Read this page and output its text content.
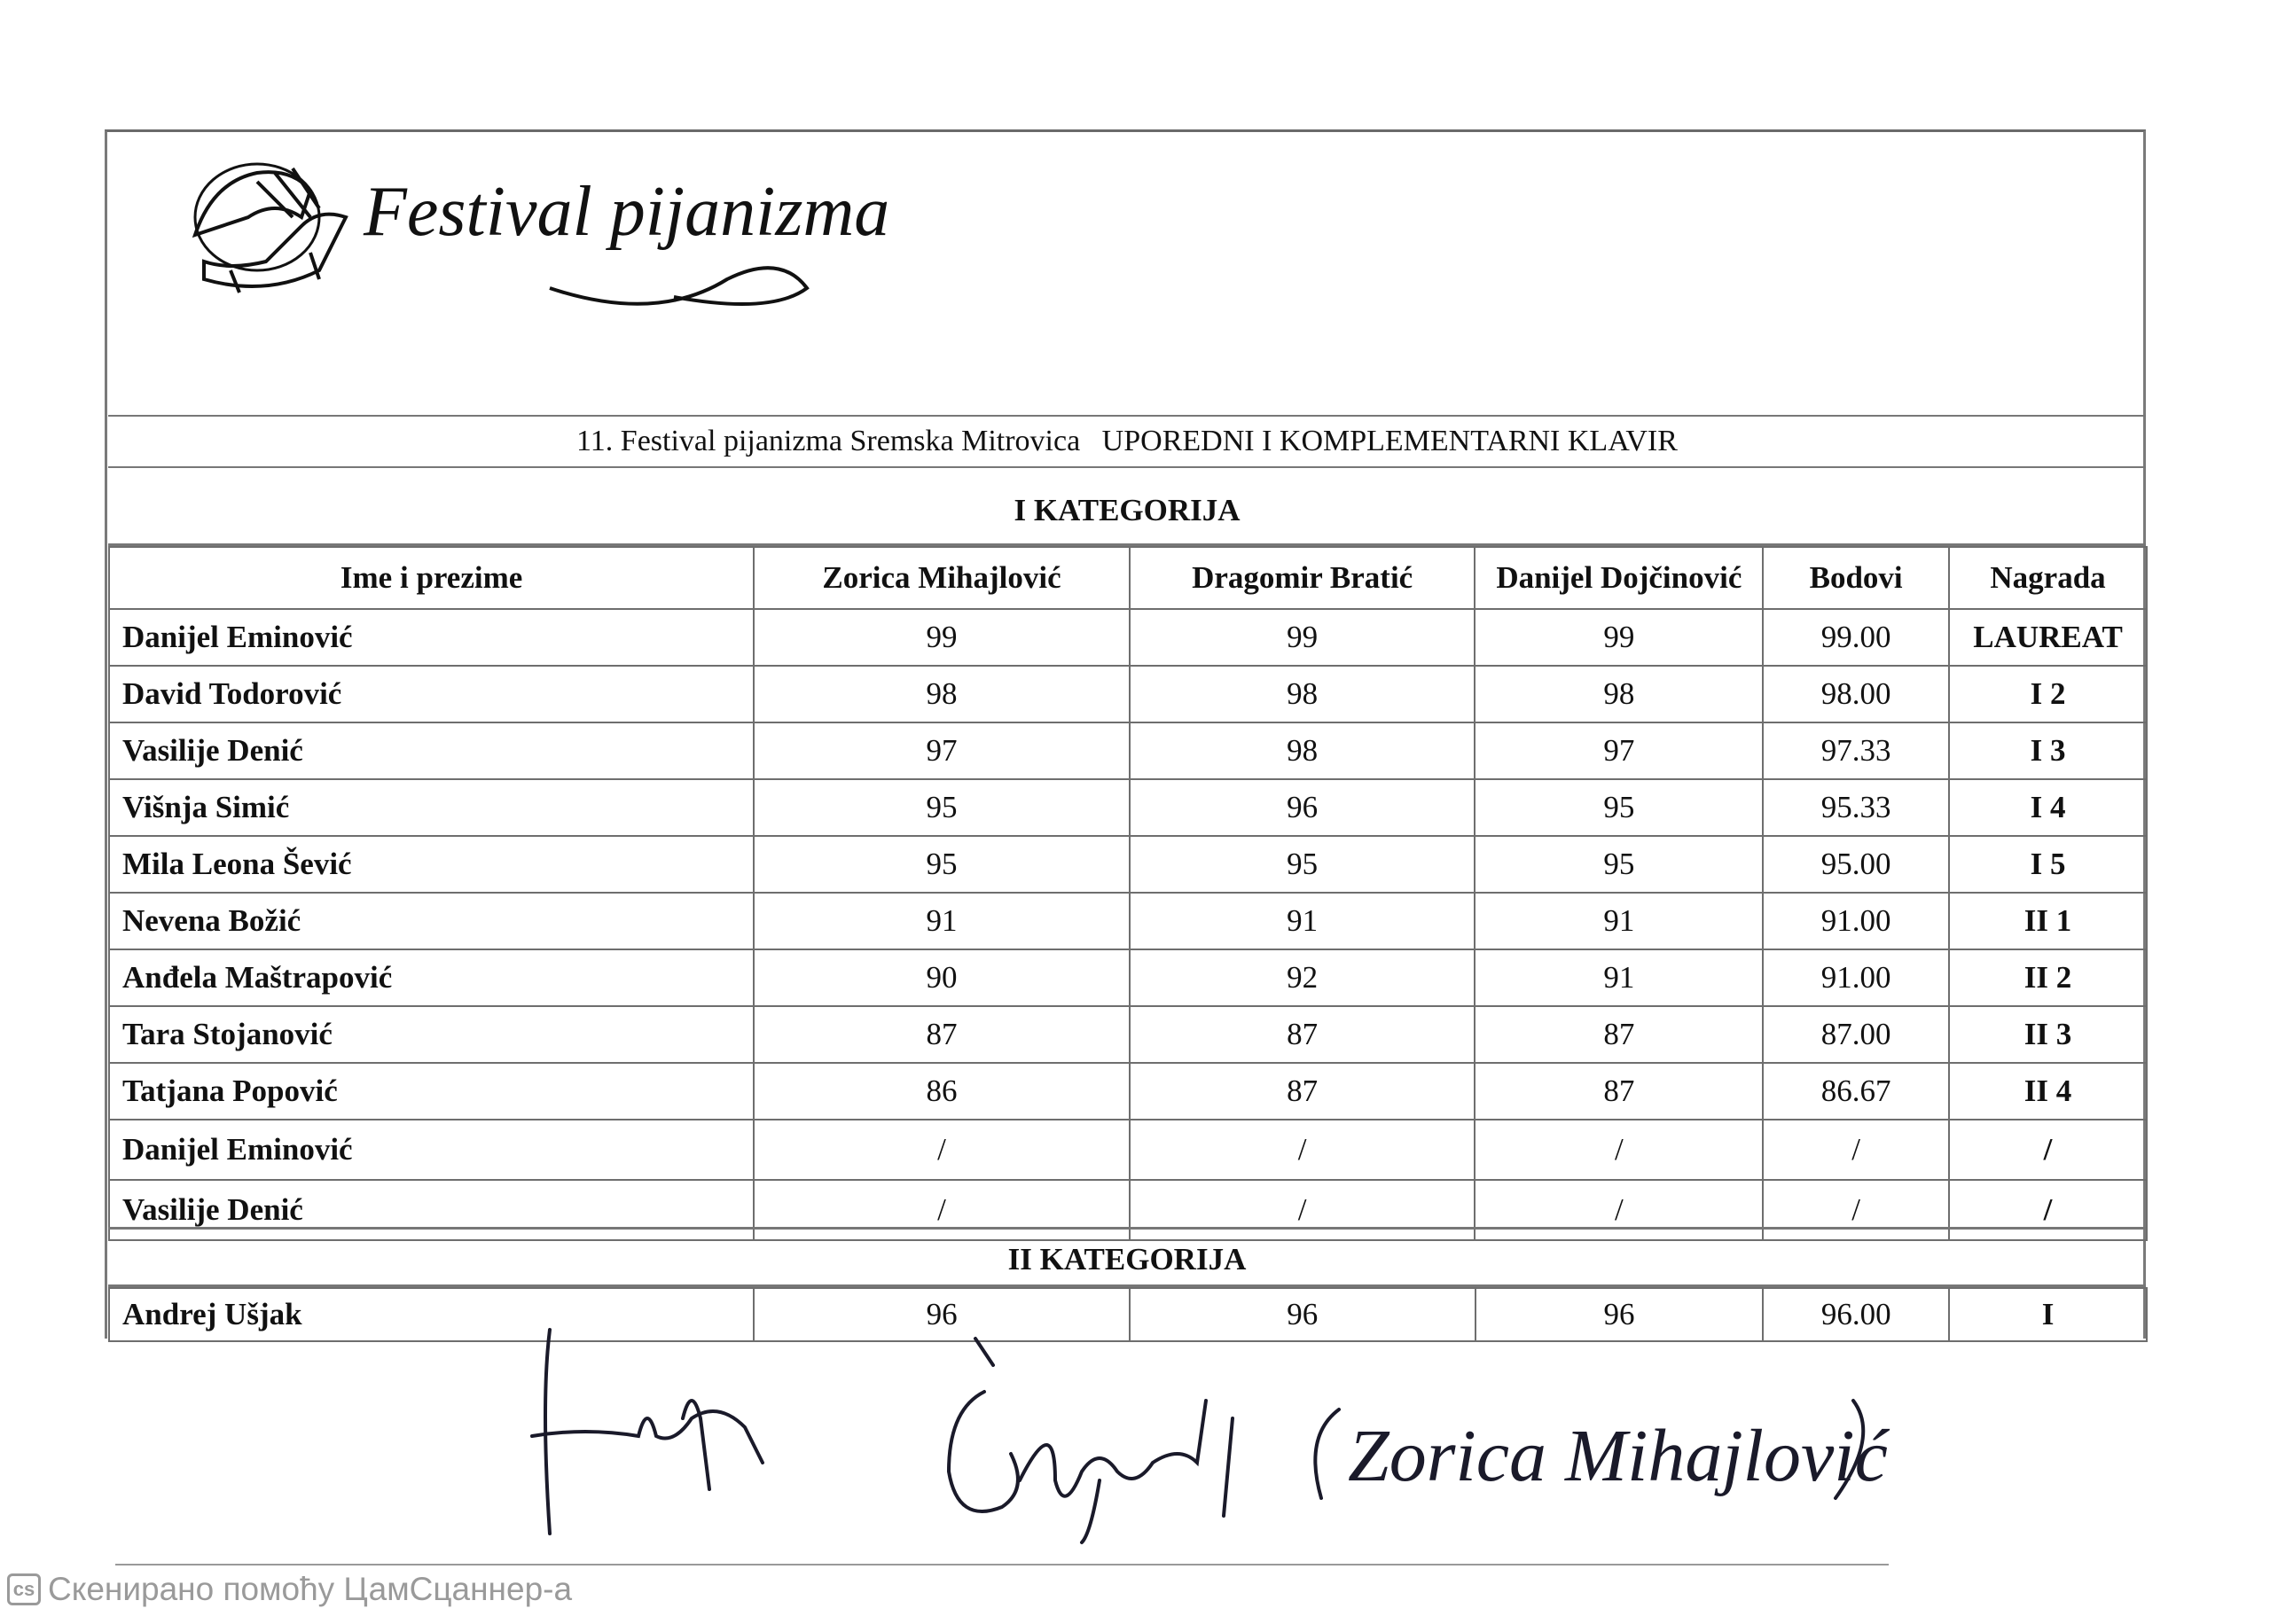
Festival pijanizma
11. Festival pijanizma Sremska Mitrovica UPOREDNI I KOMPLEMENTARNI KLAVIR
I KATEGORIJA
Ime i prezime	Zorica Mihajlović	Dragomir Bratić	Danijel Dojčinović	Bodovi	Nagrada
Danijel Eminović	99	99	99	99.00	LAUREAT
David Todorović	98	98	98	98.00	I 2
Vasilije Denić	97	98	97	97.33	I 3
Višnja Simić	95	96	95	95.33	I 4
Mila Leona Šević	95	95	95	95.00	I 5
Nevena Božić	91	91	91	91.00	II 1
Anđela Maštrapović	90	92	91	91.00	II 2
Tara Stojanović	87	87	87	87.00	II 3
Tatjana Popović	86	87	87	86.67	II 4
Danijel Eminović	/	/	/	/	/
Vasilije Denić	/	/	/	/	/
II KATEGORIJA
Andrej Ušjak	96	96	96	96.00	I
Zorica Mihajlović
cs Скенирано помоћу ЦамСцаннер-а
